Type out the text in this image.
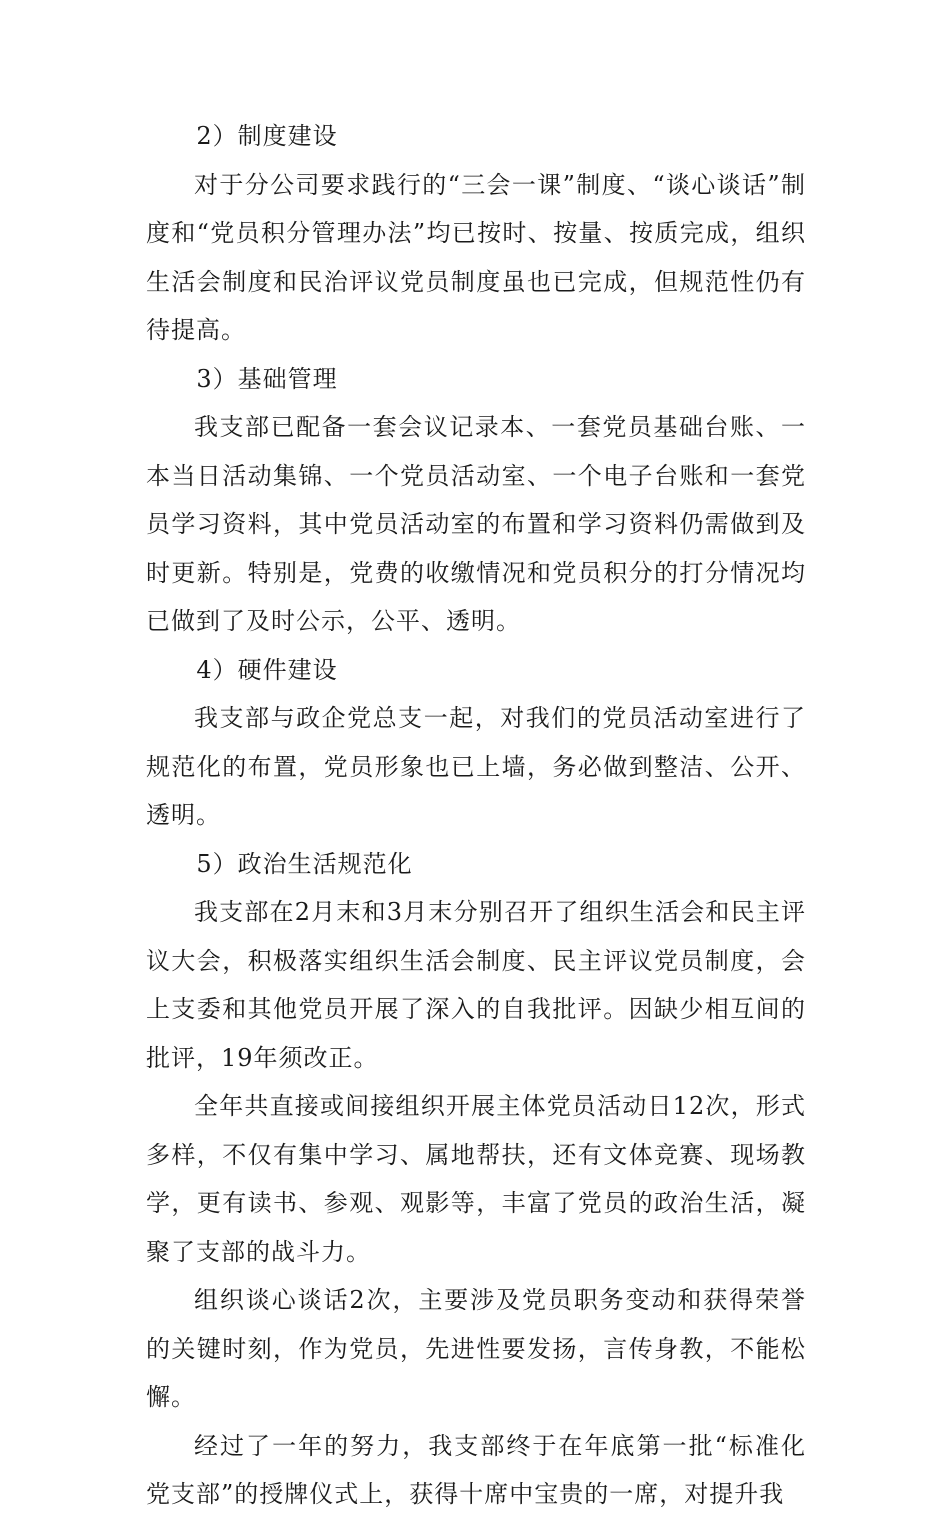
2）制度建设

对于分公司要求践行的“三会一课”制度、“谈心谈话”制度和“党员积分管理办法”均已按时、按量、按质完成，组织生活会制度和民治评议党员制度虽也已完成，但规范性仍有待提高。

3）基础管理

我支部已配备一套会议记录本、一套党员基础台账、一本当日活动集锦、一个党员活动室、一个电子台账和一套党员学习资料，其中党员活动室的布置和学习资料仍需做到及时更新。特别是，党费的收缴情况和党员积分的打分情况均已做到了及时公示，公平、透明。

4）硬件建设

我支部与政企党总支一起，对我们的党员活动室进行了规范化的布置，党员形象也已上墙，务必做到整洁、公开、透明。

5）政治生活规范化

我支部在2月末和3月末分别召开了组织生活会和民主评议大会，积极落实组织生活会制度、民主评议党员制度，会上支委和其他党员开展了深入的自我批评。因缺少相互间的批评，19年须改正。

全年共直接或间接组织开展主体党员活动日12次，形式多样，不仅有集中学习、属地帮扶，还有文体竞赛、现场教学，更有读书、参观、观影等，丰富了党员的政治生活，凝聚了支部的战斗力。

组织谈心谈话2次，主要涉及党员职务变动和获得荣誉的关键时刻，作为党员，先进性要发扬，言传身教，不能松懈。

经过了一年的努力，我支部终于在年底第一批“标准化党支部”的授牌仪式上，获得十席中宝贵的一席，对提升我
